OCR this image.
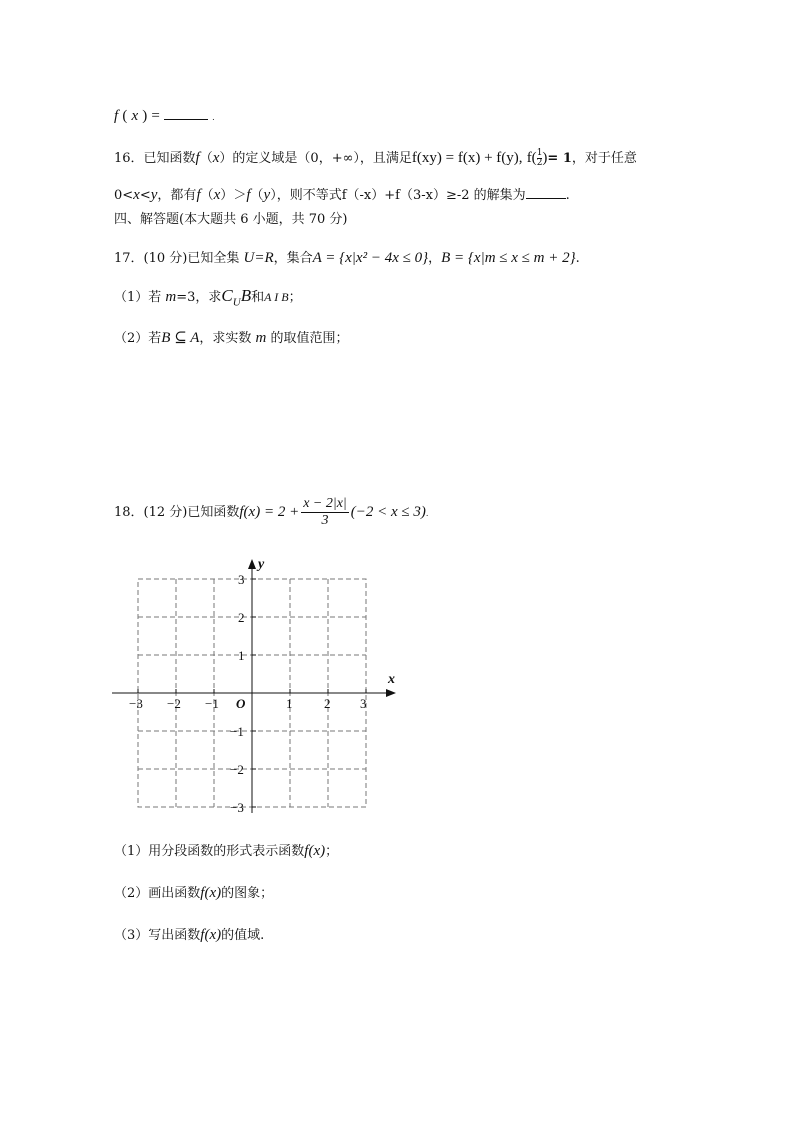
f ( x ) =	.
16．已知函数f（x）的定义域是（0，+∞），且满足f(xy) = f(x) + f(y), $f( \frac{1}{2})= 1$，对于任意
0<x<y，都有f（x）＞f（y），则不等式f（-x）+f（3-x）≥-2 的解集为	.
四、解答题(本大题共 6 小题，共 70 分)
17．(10 分)已知全集 U=R，集合A = {x|x² − 4x ≤ 0}，B = {x|m ≤ x ≤ m + 2}.
（1）若 m=3，求$C_UB$和A I B；
（2）若B ⊆ A，求实数 m 的取值范围；
18．(12 分)已知函数$f(x) = 2 + \frac{x - 2|x|}{3} (-2 < x \le 3)$.
−3 −2 −1	1 2 3
O
3
2
1
−1
−2
−3
x
y
（1）用分段函数的形式表示函数f(x)；
（2）画出函数f(x)的图象；
（3）写出函数f(x)的值域.
